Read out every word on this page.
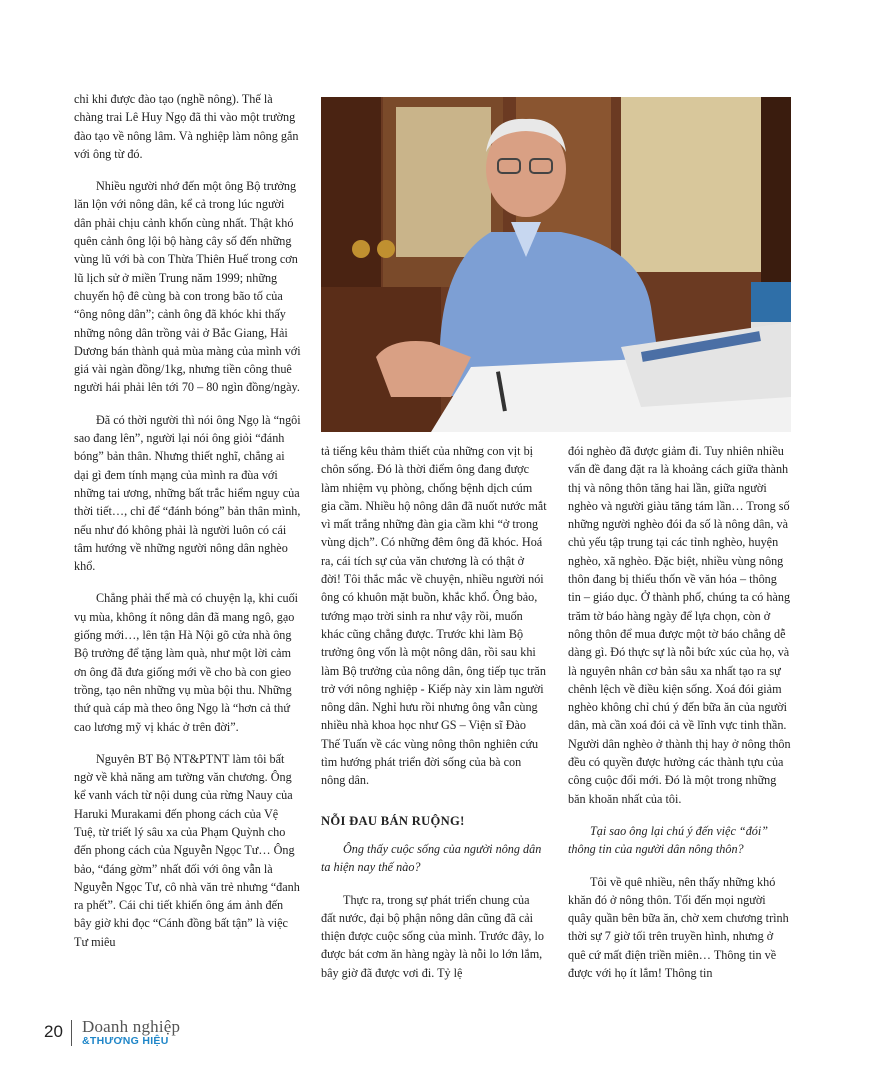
chỉ khi được đào tạo (nghề nông). Thế là chàng trai Lê Huy Ngọ đã thi vào một trường đào tạo về nông lâm. Và nghiệp làm nông gắn với ông từ đó.

Nhiều người nhớ đến một ông Bộ trưởng lăn lộn với nông dân, kể cả trong lúc người dân phải chịu cảnh khốn cùng nhất. Thật khó quên cảnh ông lội bộ hàng cây số đến những vùng lũ với bà con Thừa Thiên Huế trong cơn lũ lịch sử ở miền Trung năm 1999; những chuyến hộ đê cùng bà con trong bão tố của “ông nông dân”; cảnh ông đã khóc khi thấy những nông dân trồng vải ở Bắc Giang, Hải Dương bán thành quả mùa màng của mình với giá vài ngàn đồng/1kg, nhưng tiền công thuê người hái phải lên tới 70 – 80 ngìn đồng/ngày.

Đã có thời người thì nói ông Ngọ là “ngôi sao đang lên”, người lại nói ông giỏi “đánh bóng” bản thân. Nhưng thiết nghĩ, chẳng ai dại gì đem tính mạng của mình ra đùa với những tai ương, những bất trắc hiểm nguy của thời tiết…, chỉ để “đánh bóng” bản thân mình, nếu như đó không phải là người luôn có cái tâm hướng về những người nông dân nghèo khổ.

Chẳng phải thế mà có chuyện lạ, khi cuối vụ mùa, không ít nông dân đã mang ngô, gạo giống mới…, lên tận Hà Nội gõ cửa nhà ông Bộ trưởng để tặng làm quà, như một lời cảm ơn ông đã đưa giống mới về cho bà con gieo trồng, tạo nên những vụ mùa bội thu. Những thứ quà cáp mà theo ông Ngọ là “hơn cả thứ cao lương mỹ vị khác ở trên đời”.

Nguyên BT Bộ NT&PTNT làm tôi bất ngờ về khả năng am tường văn chương. Ông kể vanh vách từ nội dung của rừng Nauy của Haruki Murakami đến phong cách của Vệ Tuệ, từ triết lý sâu xa của Phạm Quỳnh cho đến phong cách của Nguyễn Ngọc Tư… Ông bảo, “đáng gờm” nhất đối với ông vẫn là Nguyễn Ngọc Tư, cô nhà văn trẻ nhưng “đanh ra phết”. Cái chi tiết khiến ông ám ảnh đến bây giờ khi đọc “Cánh đồng bất tận” là việc Tư miêu

tả tiếng kêu thảm thiết của những con vịt bị chôn sống. Đó là thời điểm ông đang được làm nhiệm vụ phòng, chống bệnh dịch cúm gia cầm. Nhiều hộ nông dân đã nuốt nước mắt vì mất trắng những đàn gia cầm khi “ở trong vùng dịch”. Có những đêm ông đã khóc. Hoá ra, cái tích sự của văn chương là có thật ở đời! Tôi thắc mắc về chuyện, nhiều người nói ông có khuôn mặt buồn, khắc khổ. Ông bảo, tướng mạo trời sinh ra như vậy rồi, muốn khác cũng chẳng được. Trước khi làm Bộ trưởng ông vốn là một nông dân, rồi sau khi làm Bộ trưởng của nông dân, ông tiếp tục trăn trở với nông nghiệp - Kiếp này xin làm người nông dân. Nghỉ hưu rồi nhưng ông vẫn cùng nhiều nhà khoa học như GS – Viện sĩ Đào Thế Tuấn về các vùng nông thôn nghiên cứu tìm hướng phát triển đời sống của bà con nông dân.

NỖI ĐAU BÁN RUỘNG!
Ông thấy cuộc sống của người nông dân ta hiện nay thế nào?

Thực ra, trong sự phát triển chung của đất nước, đại bộ phận nông dân cũng đã cải thiện được cuộc sống của mình. Trước đây, lo được bát cơm ăn hàng ngày là nỗi lo lớn lắm, bây giờ đã được vơi đi. Tỷ lệ

đói nghèo đã được giảm đi. Tuy nhiên nhiều vấn đề đang đặt ra là khoảng cách giữa thành thị và nông thôn tăng hai lần, giữa người nghèo và người giàu tăng tám lần… Trong số những người nghèo đói đa số là nông dân, và chủ yếu tập trung tại các tỉnh nghèo, huyện nghèo, xã nghèo. Đặc biệt, nhiều vùng nông thôn đang bị thiếu thốn về văn hóa – thông tin – giáo dục. Ở thành phố, chúng ta có hàng trăm tờ báo hàng ngày để lựa chọn, còn ở nông thôn để mua được một tờ báo chẳng dễ dàng gì. Đó thực sự là nỗi bức xúc của họ, và là nguyên nhân cơ bản sâu xa nhất tạo ra sự chênh lệch về điều kiện sống. Xoá đói giảm nghèo không chỉ chú ý đến bữa ăn của người dân, mà cần xoá đói cả về lĩnh vực tinh thần. Người dân nghèo ở thành thị hay ở nông thôn đều có quyền được hưởng các thành tựu của công cuộc đổi mới. Đó là một trong những băn khoăn nhất của tôi.

Tại sao ông lại chú ý đến việc “đói” thông tin của người dân nông thôn?

Tôi về quê nhiều, nên thấy những khó khăn đó ở nông thôn. Tối đến mọi người quây quần bên bữa ăn, chờ xem chương trình thời sự 7 giờ tối trên truyền hình, nhưng ở quê cứ mất điện triền miên… Thông tin về được với họ ít lắm! Thông tin

20 Doanh nghiệp
&THƯƠNG HIỆU
